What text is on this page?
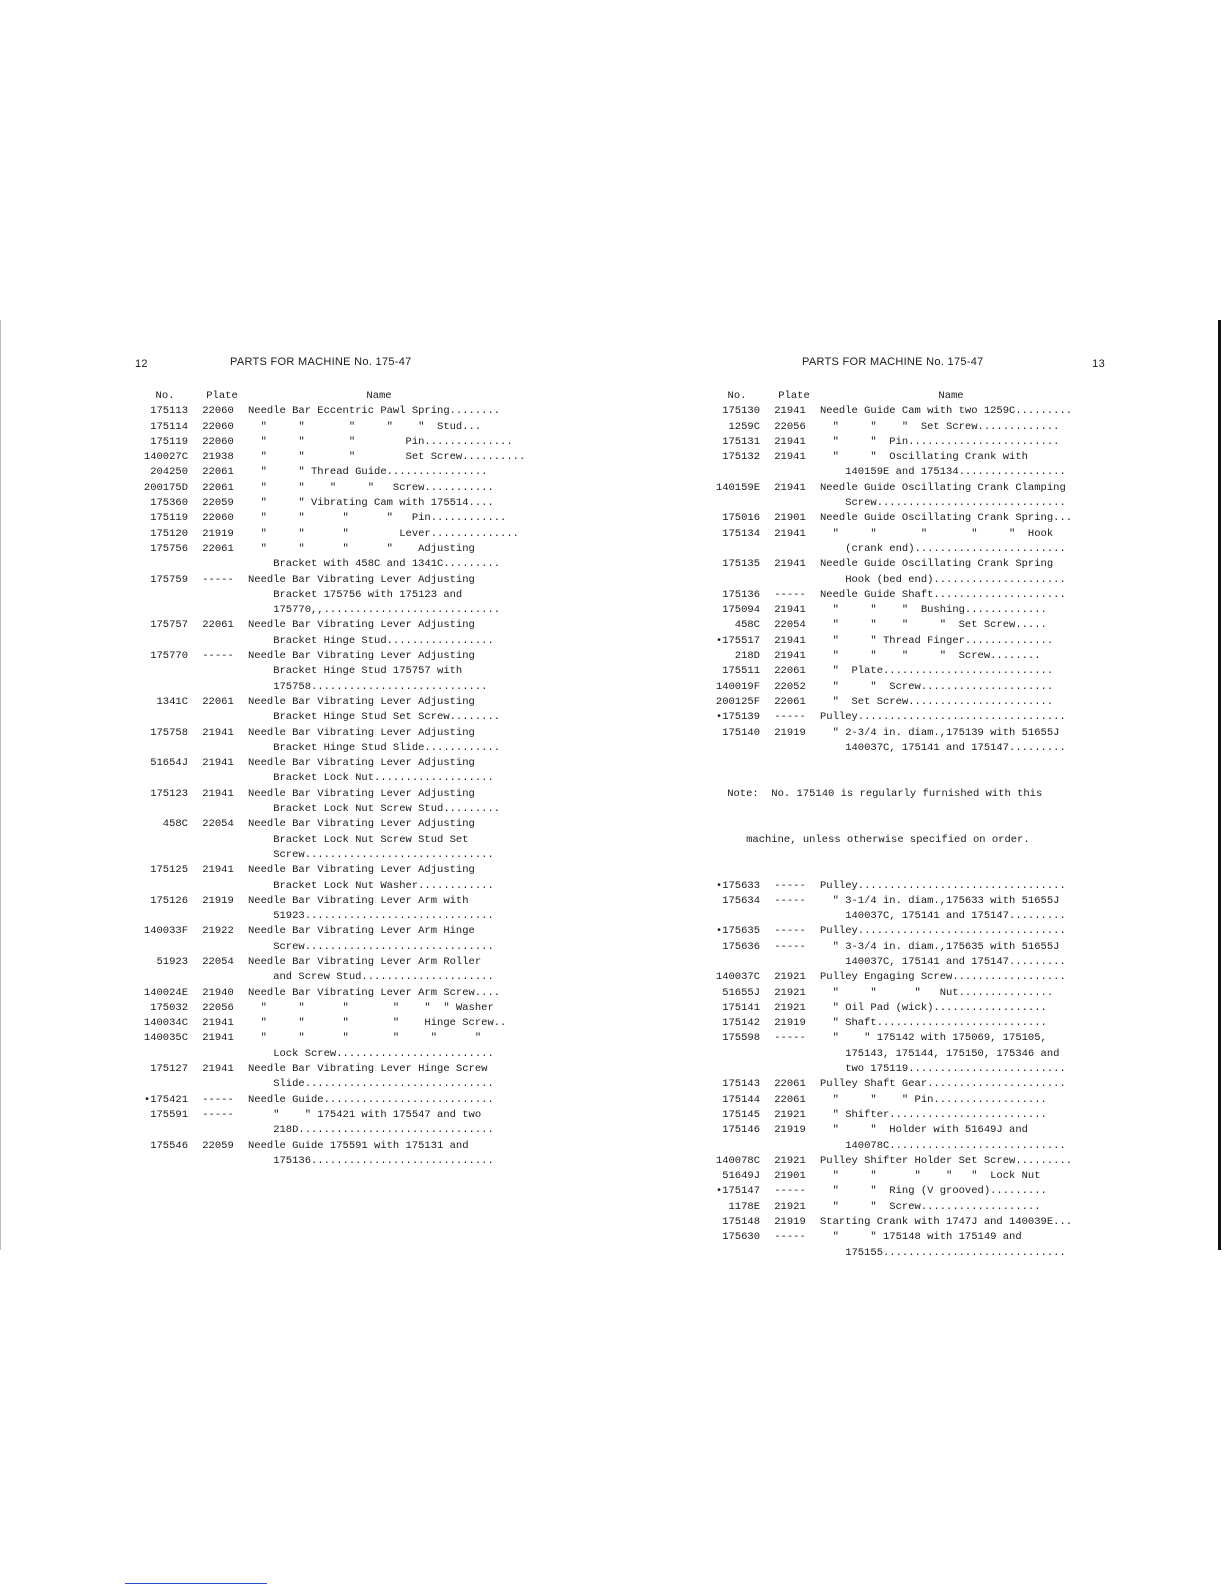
12	PARTS FOR MACHINE No. 175-47
No.	Plate	Name
175113	22060	Needle Bar Eccentric Pawl Spring........
175114	22060	"     "       "     "    "  Stud...
175119	22060	"     "       "        Pin..............
140027C	21938	"     "       "        Set Screw..........
204250	22061	"     " Thread Guide................
200175D	22061	"     "    "     "   Screw...........
175360	22059	"     " Vibrating Cam with 175514....
175119	22060	"     "      "      "   Pin............
175120	21919	"     "      "        Lever..............
175756	22061	"     "      "      "    Adjusting
Bracket with 458C and 1341C.........
175759	-----	Needle Bar Vibrating Lever Adjusting
Bracket 175756 with 175123 and
175770,,............................
175757	22061	Needle Bar Vibrating Lever Adjusting
Bracket Hinge Stud.................
175770	-----	Needle Bar Vibrating Lever Adjusting
Bracket Hinge Stud 175757 with
175758............................
1341C	22061	Needle Bar Vibrating Lever Adjusting
Bracket Hinge Stud Set Screw........
175758	21941	Needle Bar Vibrating Lever Adjusting
Bracket Hinge Stud Slide............
51654J	21941	Needle Bar Vibrating Lever Adjusting
Bracket Lock Nut...................
175123	21941	Needle Bar Vibrating Lever Adjusting
Bracket Lock Nut Screw Stud.........
458C	22054	Needle Bar Vibrating Lever Adjusting
Bracket Lock Nut Screw Stud Set
Screw..............................
175125	21941	Needle Bar Vibrating Lever Adjusting
Bracket Lock Nut Washer............
175126	21919	Needle Bar Vibrating Lever Arm with
51923..............................
140033F	21922	Needle Bar Vibrating Lever Arm Hinge
Screw..............................
51923	22054	Needle Bar Vibrating Lever Arm Roller
and Screw Stud.....................
140024E	21940	Needle Bar Vibrating Lever Arm Screw....
175032	22056	"     "      "       "    "  " Washer
140034C	21941	"     "      "       "    Hinge Screw..
140035C	21941	"     "      "       "     "      "
Lock Screw.........................
175127	21941	Needle Bar Vibrating Lever Hinge Screw
Slide..............................
•175421	-----	Needle Guide...........................
175591	-----	"    " 175421 with 175547 and two
218D...............................
175546	22059	Needle Guide 175591 with 175131 and
175136.............................
PARTS FOR MACHINE No. 175-47	13
No.	Plate	Name
175130	21941	Needle Guide Cam with two 1259C.........
1259C	22056	"     "    "  Set Screw.............
175131	21941	"     "  Pin........................
175132	21941	"     "  Oscillating Crank with
140159E and 175134.................
140159E	21941	Needle Guide Oscillating Crank Clamping
Screw..............................
175016	21901	Needle Guide Oscillating Crank Spring...
175134	21941	"     "       "       "     "  Hook
(crank end)........................
175135	21941	Needle Guide Oscillating Crank Spring
Hook (bed end).....................
175136	-----	Needle Guide Shaft.....................
175094	21941	"     "    "  Bushing.............
458C	22054	"     "    "     "  Set Screw.....
•175517	21941	"     " Thread Finger..............
218D	21941	"     "    "     "  Screw........
175511	22061	"  Plate...........................
140019F	22052	"     "  Screw.....................
200125F	22061	"  Set Screw.......................
•175139	-----	Pulley.................................
175140	21919	" 2-3/4 in. diam.,175139 with 51655J
140037C, 175141 and 175147.........

Note:  No. 175140 is regularly furnished with this

machine, unless otherwise specified on order.

•175633	-----	Pulley.................................
175634	-----	" 3-1/4 in. diam.,175633 with 51655J
140037C, 175141 and 175147.........
•175635	-----	Pulley.................................
175636	-----	" 3-3/4 in. diam.,175635 with 51655J
140037C, 175141 and 175147.........
140037C	21921	Pulley Engaging Screw..................
51655J	21921	"     "      "   Nut...............
175141	21921	" Oil Pad (wick)..................
175142	21919	" Shaft...........................
175598	-----	"    " 175142 with 175069, 175105,
175143, 175144, 175150, 175346 and
two 175119.........................
175143	22061	Pulley Shaft Gear......................
175144	22061	"     "    " Pin..................
175145	21921	" Shifter.........................
175146	21919	"     "  Holder with 51649J and
140078C............................
140078C	21921	Pulley Shifter Holder Set Screw.........
51649J	21901	"     "      "    "   "  Lock Nut
•175147	-----	"     "  Ring (V grooved).........
1178E	21921	"     "  Screw...................
175148	21919	Starting Crank with 1747J and 140039E...
175630	-----	"     " 175148 with 175149 and
175155.............................
